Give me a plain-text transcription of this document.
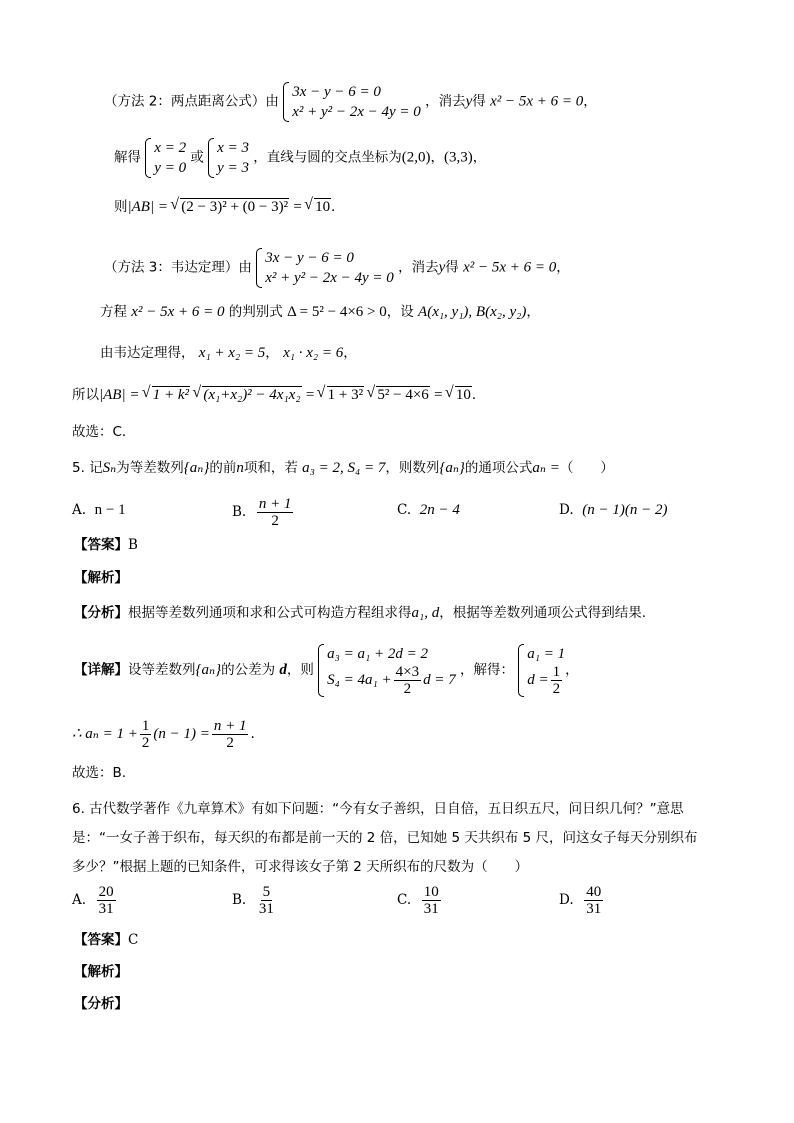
（方法 2：两点距离公式）由
3x − y − 6 = 0
x² + y² − 2x − 4y = 0
，消去y得 x² − 5x + 6 = 0，
解得
x = 2
y = 0
或
x = 3
y = 3
，直线与圆的交点坐标为(2,0)，(3,3)，
则|AB| = √ (2 − 3)² + (0 − 3)² = √ 10．
（方法 3：韦达定理）由
3x − y − 6 = 0
x² + y² − 2x − 4y = 0
，消去y得 x² − 5x + 6 = 0，
方程 x² − 5x + 6 = 0 的判别式 Δ = 5² − 4×6 > 0，设 A(x₁, y₁), B(x₂, y₂)，
由韦达定理得， x₁ + x₂ = 5， x₁ · x₂ = 6，
所以|AB| = √ 1 + k² √ (x₁+x₂)² − 4x₁x₂ = √ 1 + 3² √ 5² − 4×6 = √ 10．
故选：C．
5. 记Sₙ为等差数列{aₙ}的前n项和，若 a₃ = 2, S₄ = 7，则数列{aₙ}的通项公式aₙ =（　　）
A. n − 1	B. $\frac{n + 1}{2}$	C. 2n − 4	D. (n − 1)(n − 2)
【答案】B
【解析】
【分析】根据等差数列通项和求和公式可构造方程组求得a₁, d，根据等差数列通项公式得到结果.
【详解】设等差数列{aₙ}的公差为 d，则
a₃ = a₁ + 2d = 2
$S_4 = 4a_1 + \frac{4\times 3}{2}$ d = 7
，解得：
a₁ = 1
$d = \frac{1}{2}$ ，
∴ $a_n = 1 + \frac{1}{2} (n - 1) = \frac{n + 1}{2}$ .
故选：B.
6. 古代数学著作《九章算术》有如下问题：“今有女子善织，日自倍，五日织五尺，问日织几何？”意思
是：“一女子善于织布，每天织的布都是前一天的 2 倍，已知她 5 天共织布 5 尺，问这女子每天分别织布
多少？”根据上题的已知条件，可求得该女子第 2 天所织布的尺数为（　　）
A. $\frac{20}{31}$	B. $\frac{5}{31}$	C. $\frac{10}{31}$	D. $\frac{40}{31}$
【答案】C
【解析】
【分析】
